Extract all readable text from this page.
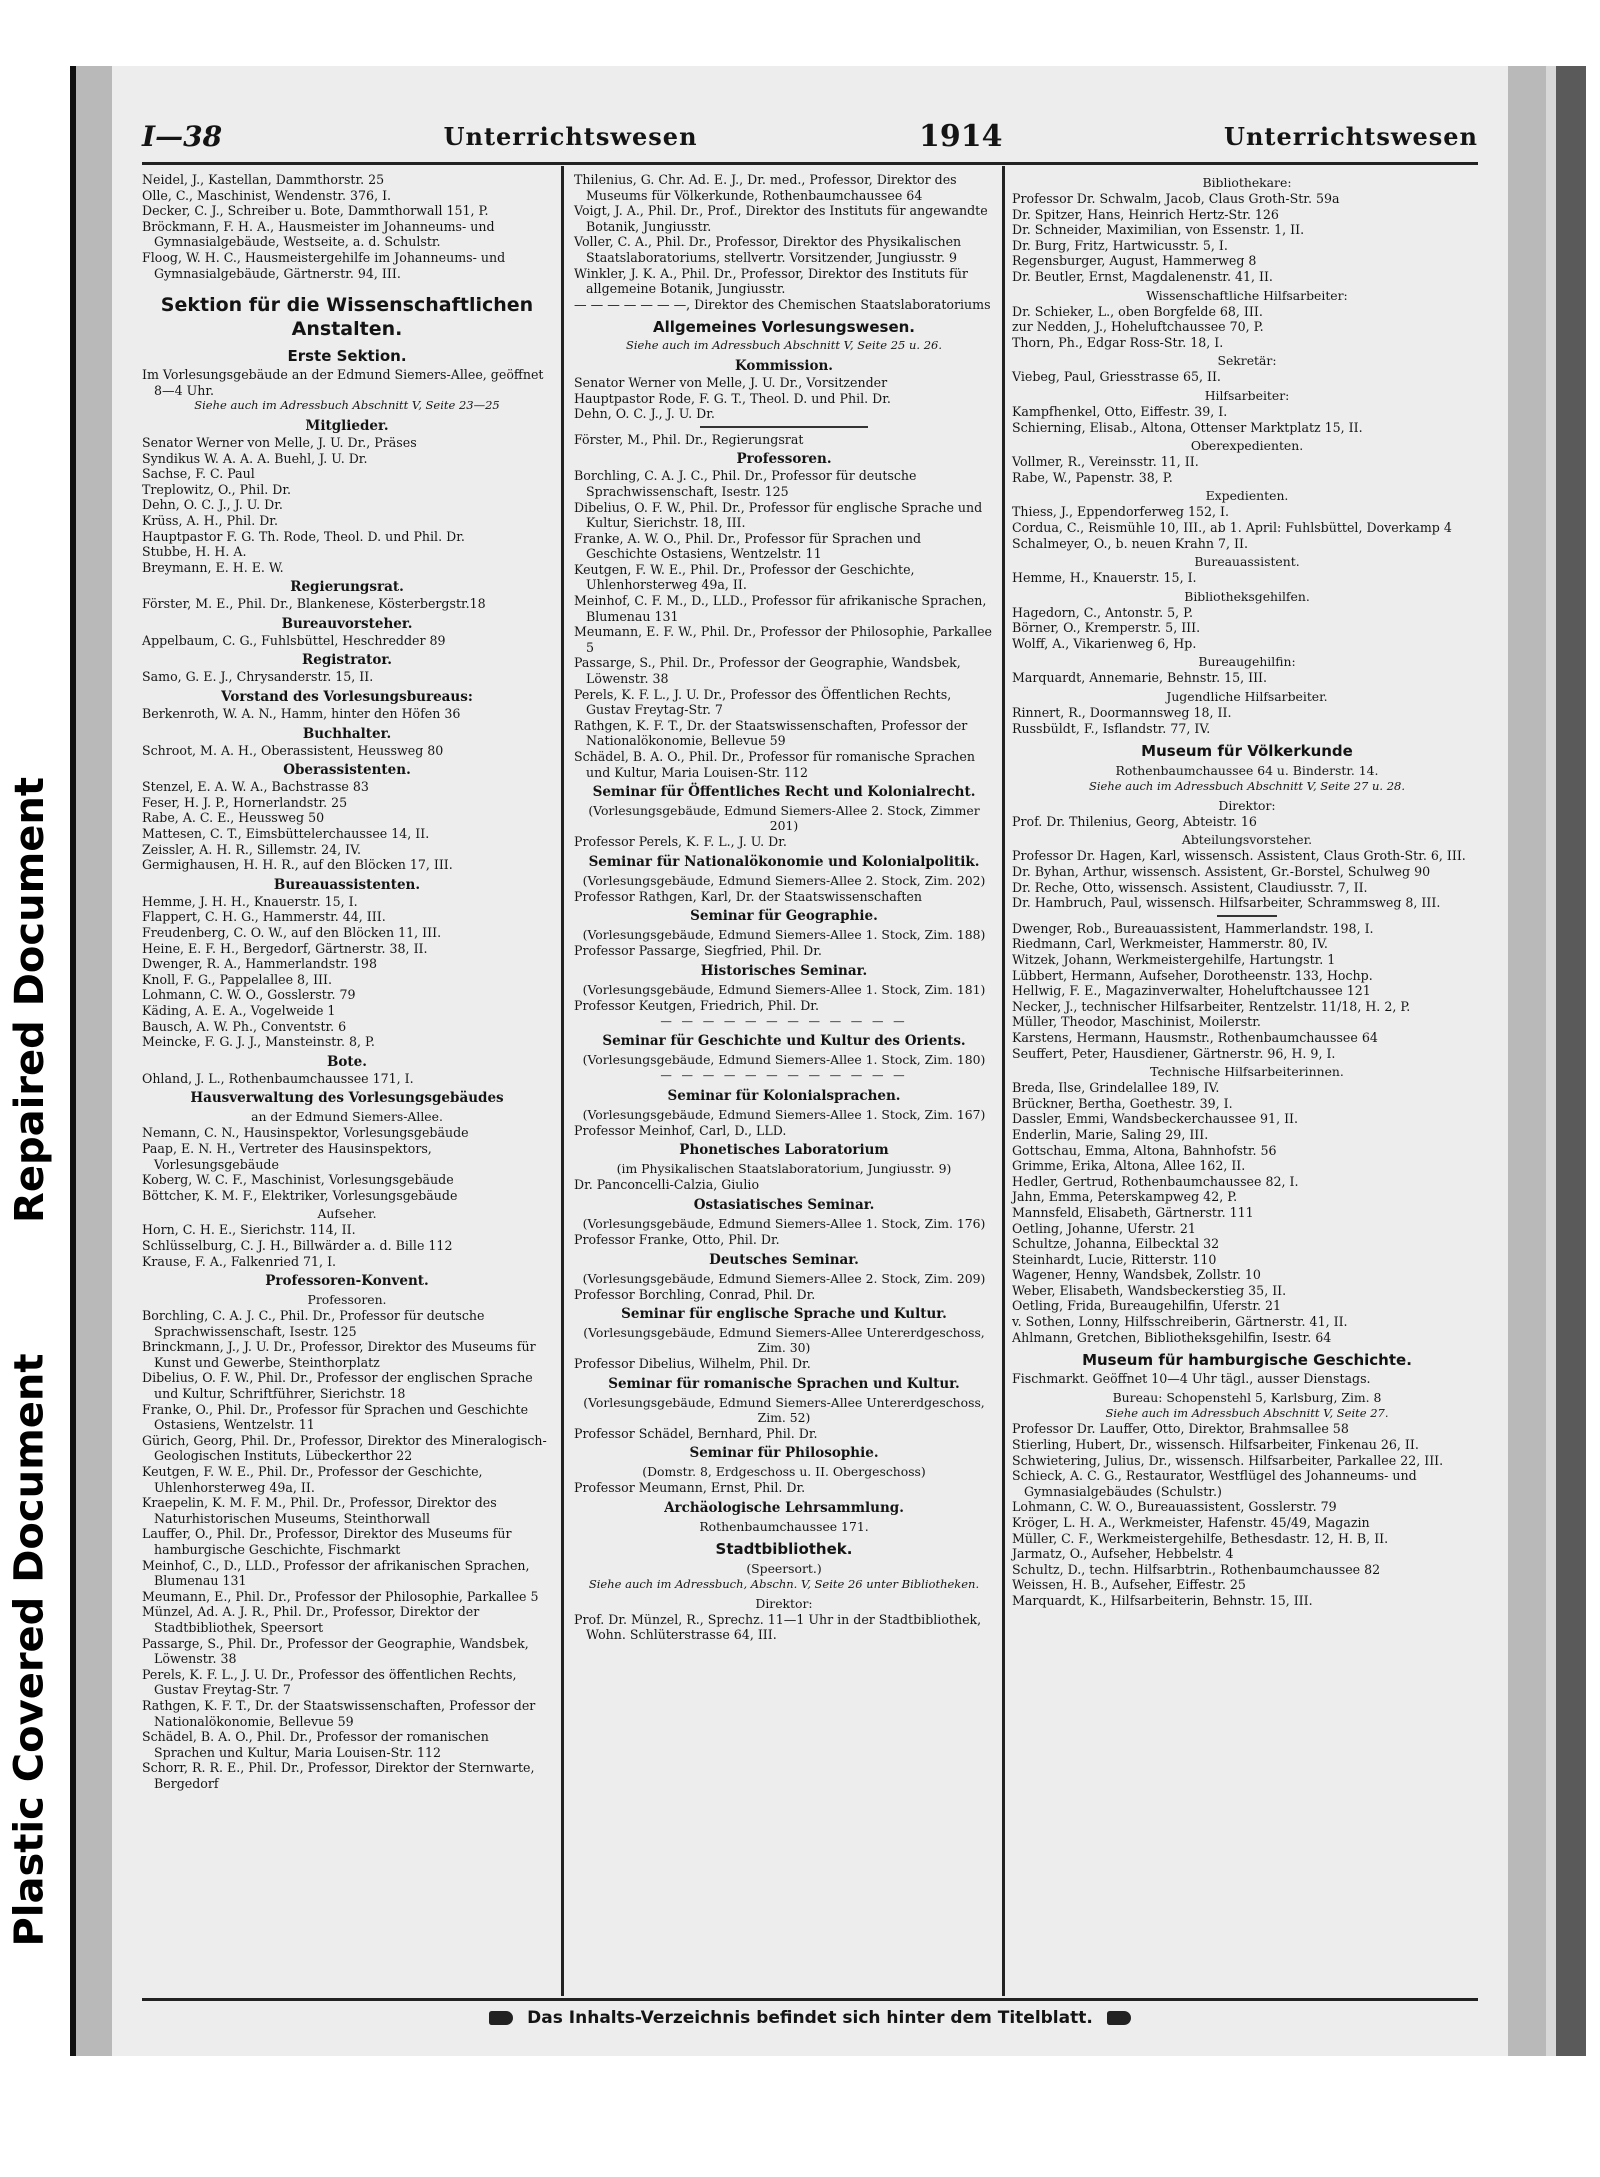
Repaired Document
Plastic Covered Document
I—38	Unterrichtswesen	1914	Unterrichtswesen

Neidel, J., Kastellan, Dammthorstr. 25

Olle, C., Maschinist, Wendenstr. 376, I.

Decker, C. J., Schreiber u. Bote, Dammthorwall 151, P.

Bröckmann, F. H. A., Hausmeister im Johanneums- und Gymnasialgebäude, Westseite, a. d. Schulstr.

Floog, W. H. C., Hausmeistergehilfe im Johanneums- und Gymnasialgebäude, Gärtnerstr. 94, III.

Sektion für die Wissenschaftlichen Anstalten.
Erste Sektion.

Im Vorlesungsgebäude an der Edmund Siemers-Allee, geöffnet 8—4 Uhr.

Siehe auch im Adressbuch Abschnitt V, Seite 23—25

Mitglieder.

Senator Werner von Melle, J. U. Dr., Präses

Syndikus W. A. A. A. Buehl, J. U. Dr.

Sachse, F. C. Paul

Treplowitz, O., Phil. Dr.

Dehn, O. C. J., J. U. Dr.

Krüss, A. H., Phil. Dr.

Hauptpastor F. G. Th. Rode, Theol. D. und Phil. Dr.

Stubbe, H. H. A.

Breymann, E. H. E. W.

Regierungsrat.

Förster, M. E., Phil. Dr., Blankenese, Kösterbergstr.18

Bureauvorsteher.

Appelbaum, C. G., Fuhlsbüttel, Heschredder 89

Registrator.

Samo, G. E. J., Chrysanderstr. 15, II.

Vorstand des Vorlesungsbureaus:

Berkenroth, W. A. N., Hamm, hinter den Höfen 36

Buchhalter.

Schroot, M. A. H., Oberassistent, Heussweg 80

Oberassistenten.

Stenzel, E. A. W. A., Bachstrasse 83

Feser, H. J. P., Hornerlandstr. 25

Rabe, A. C. E., Heussweg 50

Mattesen, C. T., Eimsbüttelerchaussee 14, II.

Zeissler, A. H. R., Sillemstr. 24, IV.

Germighausen, H. H. R., auf den Blöcken 17, III.

Bureauassistenten.

Hemme, J. H. H., Knauerstr. 15, I.

Flappert, C. H. G., Hammerstr. 44, III.

Freudenberg, C. O. W., auf den Blöcken 11, III.

Heine, E. F. H., Bergedorf, Gärtnerstr. 38, II.

Dwenger, R. A., Hammerlandstr. 198

Knoll, F. G., Pappelallee 8, III.

Lohmann, C. W. O., Gosslerstr. 79

Käding, A. E. A., Vogelweide 1

Bausch, A. W. Ph., Conventstr. 6

Meincke, F. G. J. J., Mansteinstr. 8, P.

Bote.

Ohland, J. L., Rothenbaumchaussee 171, I.

Hausverwaltung des Vorlesungsgebäudes
an der Edmund Siemers-Allee.

Nemann, C. N., Hausinspektor, Vorlesungsgebäude

Paap, E. N. H., Vertreter des Hausinspektors, Vorlesungsgebäude

Koberg, W. C. F., Maschinist, Vorlesungsgebäude

Böttcher, K. M. F., Elektriker, Vorlesungsgebäude

Aufseher.

Horn, C. H. E., Sierichstr. 114, II.

Schlüsselburg, C. J. H., Billwärder a. d. Bille 112

Krause, F. A., Falkenried 71, I.

Professoren-Konvent.
Professoren.

Borchling, C. A. J. C., Phil. Dr., Professor für deutsche Sprachwissenschaft, Isestr. 125

Brinckmann, J., J. U. Dr., Professor, Direktor des Museums für Kunst und Gewerbe, Steinthorplatz

Dibelius, O. F. W., Phil. Dr., Professor der englischen Sprache und Kultur, Schriftführer, Sierichstr. 18

Franke, O., Phil. Dr., Professor für Sprachen und Geschichte Ostasiens, Wentzelstr. 11

Gürich, Georg, Phil. Dr., Professor, Direktor des Mineralogisch-Geologischen Instituts, Lübeckerthor 22

Keutgen, F. W. E., Phil. Dr., Professor der Geschichte, Uhlenhorsterweg 49a, II.

Kraepelin, K. M. F. M., Phil. Dr., Professor, Direktor des Naturhistorischen Museums, Steinthorwall

Lauffer, O., Phil. Dr., Professor, Direktor des Museums für hamburgische Geschichte, Fischmarkt

Meinhof, C., D., LLD., Professor der afrikanischen Sprachen, Blumenau 131

Meumann, E., Phil. Dr., Professor der Philosophie, Parkallee 5

Münzel, Ad. A. J. R., Phil. Dr., Professor, Direktor der Stadtbibliothek, Speersort

Passarge, S., Phil. Dr., Professor der Geographie, Wandsbek, Löwenstr. 38

Perels, K. F. L., J. U. Dr., Professor des öffentlichen Rechts, Gustav Freytag-Str. 7

Rathgen, K. F. T., Dr. der Staatswissenschaften, Professor der Nationalökonomie, Bellevue 59

Schädel, B. A. O., Phil. Dr., Professor der romanischen Sprachen und Kultur, Maria Louisen-Str. 112

Schorr, R. R. E., Phil. Dr., Professor, Direktor der Sternwarte, Bergedorf

Thilenius, G. Chr. Ad. E. J., Dr. med., Professor, Direktor des Museums für Völkerkunde, Rothenbaumchaussee 64

Voigt, J. A., Phil. Dr., Prof., Direktor des Instituts für angewandte Botanik, Jungiusstr.

Voller, C. A., Phil. Dr., Professor, Direktor des Physikalischen Staatslaboratoriums, stellvertr. Vorsitzender, Jungiusstr. 9

Winkler, J. K. A., Phil. Dr., Professor, Direktor des Instituts für allgemeine Botanik, Jungiusstr.

— — — — — — —, Direktor des Chemischen Staatslaboratoriums

Allgemeines Vorlesungswesen.

Siehe auch im Adressbuch Abschnitt V, Seite 25 u. 26.

Kommission.

Senator Werner von Melle, J. U. Dr., Vorsitzender

Hauptpastor Rode, F. G. T., Theol. D. und Phil. Dr.

Dehn, O. C. J., J. U. Dr.

Förster, M., Phil. Dr., Regierungsrat

Professoren.

Borchling, C. A. J. C., Phil. Dr., Professor für deutsche Sprachwissenschaft, Isestr. 125

Dibelius, O. F. W., Phil. Dr., Professor für englische Sprache und Kultur, Sierichstr. 18, III.

Franke, A. W. O., Phil. Dr., Professor für Sprachen und Geschichte Ostasiens, Wentzelstr. 11

Keutgen, F. W. E., Phil. Dr., Professor der Geschichte, Uhlenhorsterweg 49a, II.

Meinhof, C. F. M., D., LLD., Professor für afrikanische Sprachen, Blumenau 131

Meumann, E. F. W., Phil. Dr., Professor der Philosophie, Parkallee 5

Passarge, S., Phil. Dr., Professor der Geographie, Wandsbek, Löwenstr. 38

Perels, K. F. L., J. U. Dr., Professor des Öffentlichen Rechts, Gustav Freytag-Str. 7

Rathgen, K. F. T., Dr. der Staatswissenschaften, Professor der Nationalökonomie, Bellevue 59

Schädel, B. A. O., Phil. Dr., Professor für romanische Sprachen und Kultur, Maria Louisen-Str. 112

Seminar für Öffentliches Recht und Kolonialrecht.
(Vorlesungsgebäude, Edmund Siemers-Allee 2. Stock, Zimmer 201)

Professor Perels, K. F. L., J. U. Dr.

Seminar für Nationalökonomie und Kolonialpolitik.
(Vorlesungsgebäude, Edmund Siemers-Allee 2. Stock, Zim. 202)

Professor Rathgen, Karl, Dr. der Staatswissenschaften

Seminar für Geographie.
(Vorlesungsgebäude, Edmund Siemers-Allee 1. Stock, Zim. 188)

Professor Passarge, Siegfried, Phil. Dr.

Historisches Seminar.
(Vorlesungsgebäude, Edmund Siemers-Allee 1. Stock, Zim. 181)

Professor Keutgen, Friedrich, Phil. Dr.

— — — — — — — — — — — —

Seminar für Geschichte und Kultur des Orients.
(Vorlesungsgebäude, Edmund Siemers-Allee 1. Stock, Zim. 180)

— — — — — — — — — — — —

Seminar für Kolonialsprachen.
(Vorlesungsgebäude, Edmund Siemers-Allee 1. Stock, Zim. 167)

Professor Meinhof, Carl, D., LLD.

Phonetisches Laboratorium
(im Physikalischen Staatslaboratorium, Jungiusstr. 9)

Dr. Panconcelli-Calzia, Giulio

Ostasiatisches Seminar.
(Vorlesungsgebäude, Edmund Siemers-Allee 1. Stock, Zim. 176)

Professor Franke, Otto, Phil. Dr.

Deutsches Seminar.
(Vorlesungsgebäude, Edmund Siemers-Allee 2. Stock, Zim. 209)

Professor Borchling, Conrad, Phil. Dr.

Seminar für englische Sprache und Kultur.
(Vorlesungsgebäude, Edmund Siemers-Allee Untererdgeschoss, Zim. 30)

Professor Dibelius, Wilhelm, Phil. Dr.

Seminar für romanische Sprachen und Kultur.
(Vorlesungsgebäude, Edmund Siemers-Allee Untererdgeschoss, Zim. 52)

Professor Schädel, Bernhard, Phil. Dr.

Seminar für Philosophie.
(Domstr. 8, Erdgeschoss u. II. Obergeschoss)

Professor Meumann, Ernst, Phil. Dr.

Archäologische Lehrsammlung.
Rothenbaumchaussee 171.
Stadtbibliothek.
(Speersort.)

Siehe auch im Adressbuch, Abschn. V, Seite 26 unter Bibliotheken.

Direktor:

Prof. Dr. Münzel, R., Sprechz. 11—1 Uhr in der Stadtbibliothek, Wohn. Schlüterstrasse 64, III.

Bibliothekare:

Professor Dr. Schwalm, Jacob, Claus Groth-Str. 59a

Dr. Spitzer, Hans, Heinrich Hertz-Str. 126

Dr. Schneider, Maximilian, von Essenstr. 1, II.

Dr. Burg, Fritz, Hartwicusstr. 5, I.

Regensburger, August, Hammerweg 8

Dr. Beutler, Ernst, Magdalenenstr. 41, II.

Wissenschaftliche Hilfsarbeiter:

Dr. Schieker, L., oben Borgfelde 68, III.

zur Nedden, J., Hoheluftchaussee 70, P.

Thorn, Ph., Edgar Ross-Str. 18, I.

Sekretär:

Viebeg, Paul, Griesstrasse 65, II.

Hilfsarbeiter:

Kampfhenkel, Otto, Eiffestr. 39, I.

Schierning, Elisab., Altona, Ottenser Marktplatz 15, II.

Oberexpedienten.

Vollmer, R., Vereinsstr. 11, II.

Rabe, W., Papenstr. 38, P.

Expedienten.

Thiess, J., Eppendorferweg 152, I.

Cordua, C., Reismühle 10, III., ab 1. April: Fuhlsbüttel, Doverkamp 4

Schalmeyer, O., b. neuen Krahn 7, II.

Bureauassistent.

Hemme, H., Knauerstr. 15, I.

Bibliotheksgehilfen.

Hagedorn, C., Antonstr. 5, P.

Börner, O., Kremperstr. 5, III.

Wolff, A., Vikarienweg 6, Hp.

Bureaugehilfin:

Marquardt, Annemarie, Behnstr. 15, III.

Jugendliche Hilfsarbeiter.

Rinnert, R., Doormannsweg 18, II.

Russbüldt, F., Isflandstr. 77, IV.

Museum für Völkerkunde
Rothenbaumchaussee 64 u. Binderstr. 14.

Siehe auch im Adressbuch Abschnitt V, Seite 27 u. 28.

Direktor:

Prof. Dr. Thilenius, Georg, Abteistr. 16

Abteilungsvorsteher.

Professor Dr. Hagen, Karl, wissensch. Assistent, Claus Groth-Str. 6, III.

Dr. Byhan, Arthur, wissensch. Assistent, Gr.-Borstel, Schulweg 90

Dr. Reche, Otto, wissensch. Assistent, Claudiusstr. 7, II.

Dr. Hambruch, Paul, wissensch. Hilfsarbeiter, Schrammsweg 8, III.

Dwenger, Rob., Bureauassistent, Hammerlandstr. 198, I.

Riedmann, Carl, Werkmeister, Hammerstr. 80, IV.

Witzek, Johann, Werkmeistergehilfe, Hartungstr. 1

Lübbert, Hermann, Aufseher, Dorotheenstr. 133, Hochp.

Hellwig, F. E., Magazinverwalter, Hoheluftchaussee 121

Necker, J., technischer Hilfsarbeiter, Rentzelstr. 11/18, H. 2, P.

Müller, Theodor, Maschinist, Moilerstr.

Karstens, Hermann, Hausmstr., Rothenbaumchaussee 64

Seuffert, Peter, Hausdiener, Gärtnerstr. 96, H. 9, I.

Technische Hilfsarbeiterinnen.

Breda, Ilse, Grindelallee 189, IV.

Brückner, Bertha, Goethestr. 39, I.

Dassler, Emmi, Wandsbeckerchaussee 91, II.

Enderlin, Marie, Saling 29, III.

Gottschau, Emma, Altona, Bahnhofstr. 56

Grimme, Erika, Altona, Allee 162, II.

Hedler, Gertrud, Rothenbaumchaussee 82, I.

Jahn, Emma, Peterskampweg 42, P.

Mannsfeld, Elisabeth, Gärtnerstr. 111

Oetling, Johanne, Uferstr. 21

Schultze, Johanna, Eilbecktal 32

Steinhardt, Lucie, Ritterstr. 110

Wagener, Henny, Wandsbek, Zollstr. 10

Weber, Elisabeth, Wandsbeckerstieg 35, II.

Oetling, Frida, Bureaugehilfin, Uferstr. 21

v. Sothen, Lonny, Hilfsschreiberin, Gärtnerstr. 41, II.

Ahlmann, Gretchen, Bibliotheksgehilfin, Isestr. 64

Museum für hamburgische Geschichte.

Fischmarkt. Geöffnet 10—4 Uhr tägl., ausser Dienstags.

Bureau: Schopenstehl 5, Karlsburg, Zim. 8

Siehe auch im Adressbuch Abschnitt V, Seite 27.

Professor Dr. Lauffer, Otto, Direktor, Brahmsallee 58

Stierling, Hubert, Dr., wissensch. Hilfsarbeiter, Finkenau 26, II.

Schwietering, Julius, Dr., wissensch. Hilfsarbeiter, Parkallee 22, III.

Schieck, A. C. G., Restaurator, Westflügel des Johanneums- und Gymnasialgebäudes (Schulstr.)

Lohmann, C. W. O., Bureauassistent, Gosslerstr. 79

Kröger, L. H. A., Werkmeister, Hafenstr. 45/49, Magazin

Müller, C. F., Werkmeistergehilfe, Bethesdastr. 12, H. B, II.

Jarmatz, O., Aufseher, Hebbelstr. 4

Schultz, D., techn. Hilfsarbtrin., Rothenbaumchaussee 82

Weissen, H. B., Aufseher, Eiffestr. 25

Marquardt, K., Hilfsarbeiterin, Behnstr. 15, III.

Das Inhalts-Verzeichnis befindet sich hinter dem Titelblatt.
